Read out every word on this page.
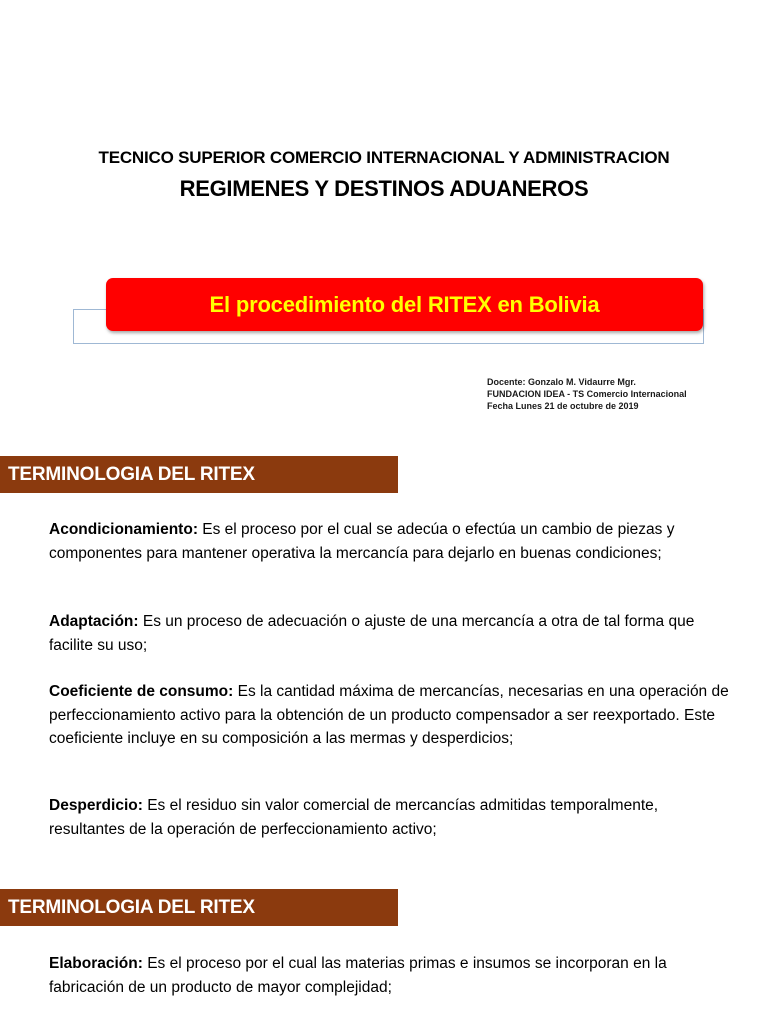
TECNICO SUPERIOR COMERCIO INTERNACIONAL Y ADMINISTRACION
REGIMENES Y DESTINOS ADUANEROS
El procedimiento del RITEX en Bolivia
Docente: Gonzalo M. Vidaurre Mgr.
FUNDACION IDEA - TS Comercio Internacional
Fecha Lunes 21 de octubre de 2019
TERMINOLOGIA DEL RITEX
Acondicionamiento: Es el proceso por el cual se adecúa o efectúa un cambio de piezas y componentes para mantener operativa la mercancía para dejarlo en buenas condiciones;
Adaptación: Es un proceso de adecuación o ajuste de una mercancía a otra de tal forma que facilite su uso;
Coeficiente de consumo: Es la cantidad máxima de mercancías, necesarias en una operación de perfeccionamiento activo para la obtención de un producto compensador a ser reexportado. Este coeficiente incluye en su composición a las mermas y desperdicios;
Desperdicio: Es el residuo sin valor comercial de mercancías admitidas temporalmente, resultantes de la operación de perfeccionamiento activo;
TERMINOLOGIA DEL RITEX
Elaboración: Es el proceso por el cual las materias primas e insumos se incorporan en la fabricación de un producto de mayor complejidad;
